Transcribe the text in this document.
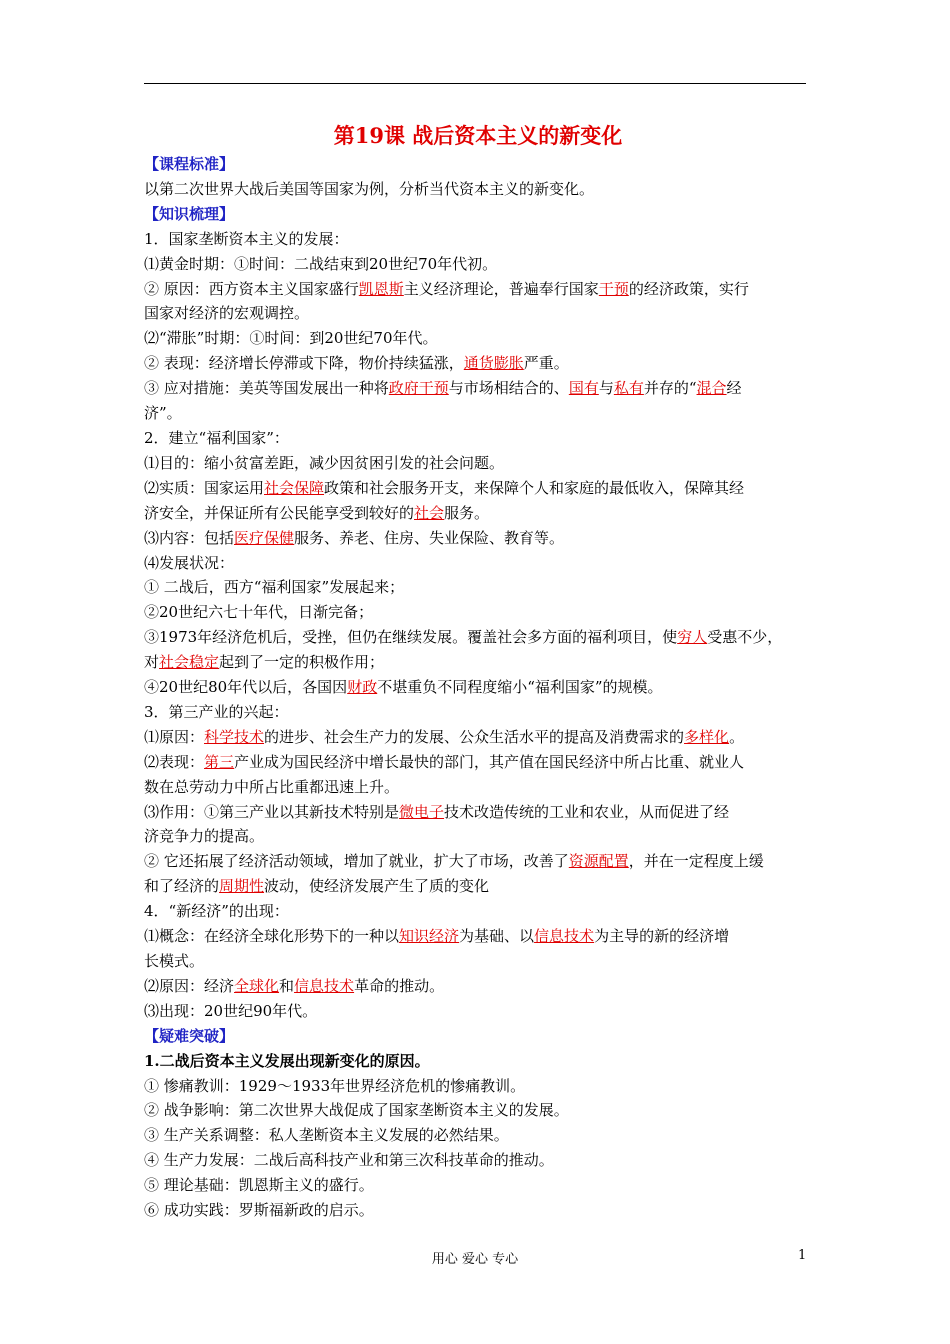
第19课 战后资本主义的新变化

【课程标准】

以第二次世界大战后美国等国家为例，分析当代资本主义的新变化。

【知识梳理】

1．国家垄断资本主义的发展：

⑴黄金时期：①时间：二战结束到20世纪70年代初。

② 原因：西方资本主义国家盛行凯恩斯主义经济理论，普遍奉行国家干预的经济政策，实行

国家对经济的宏观调控。

⑵“滞胀”时期：①时间：到20世纪70年代。

② 表现：经济增长停滞或下降，物价持续猛涨，通货膨胀严重。

③ 应对措施：美英等国发展出一种将政府干预与市场相结合的、国有与私有并存的“混合经

济”。

2．建立“福利国家”：

⑴目的：缩小贫富差距，减少因贫困引发的社会问题。

⑵实质：国家运用社会保障政策和社会服务开支，来保障个人和家庭的最低收入，保障其经

济安全，并保证所有公民能享受到较好的社会服务。

⑶内容：包括医疗保健服务、养老、住房、失业保险、教育等。

⑷发展状况：

① 二战后，西方“福利国家”发展起来；

②20世纪六七十年代，日渐完备；

③1973年经济危机后，受挫，但仍在继续发展。覆盖社会多方面的福利项目，使穷人受惠不少，

对社会稳定起到了一定的积极作用；

④20世纪80年代以后，各国因财政不堪重负不同程度缩小“福利国家”的规模。

3．第三产业的兴起：

⑴原因：科学技术的进步、社会生产力的发展、公众生活水平的提高及消费需求的多样化。

⑵表现：第三产业成为国民经济中增长最快的部门，其产值在国民经济中所占比重、就业人

数在总劳动力中所占比重都迅速上升。

⑶作用：①第三产业以其新技术特别是微电子技术改造传统的工业和农业，从而促进了经

济竞争力的提高。

② 它还拓展了经济活动领域，增加了就业，扩大了市场，改善了资源配置，并在一定程度上缓

和了经济的周期性波动，使经济发展产生了质的变化

4．“新经济”的出现：

⑴概念：在经济全球化形势下的一种以知识经济为基础、以信息技术为主导的新的经济增

长模式。

⑵原因：经济全球化和信息技术革命的推动。

⑶出现：20世纪90年代。

【疑难突破】

1.二战后资本主义发展出现新变化的原因。

① 惨痛教训：1929～1933年世界经济危机的惨痛教训。

② 战争影响：第二次世界大战促成了国家垄断资本主义的发展。

③ 生产关系调整：私人垄断资本主义发展的必然结果。

④ 生产力发展：二战后高科技产业和第三次科技革命的推动。

⑤ 理论基础：凯恩斯主义的盛行。

⑥ 成功实践：罗斯福新政的启示。

用心 爱心 专心	1
